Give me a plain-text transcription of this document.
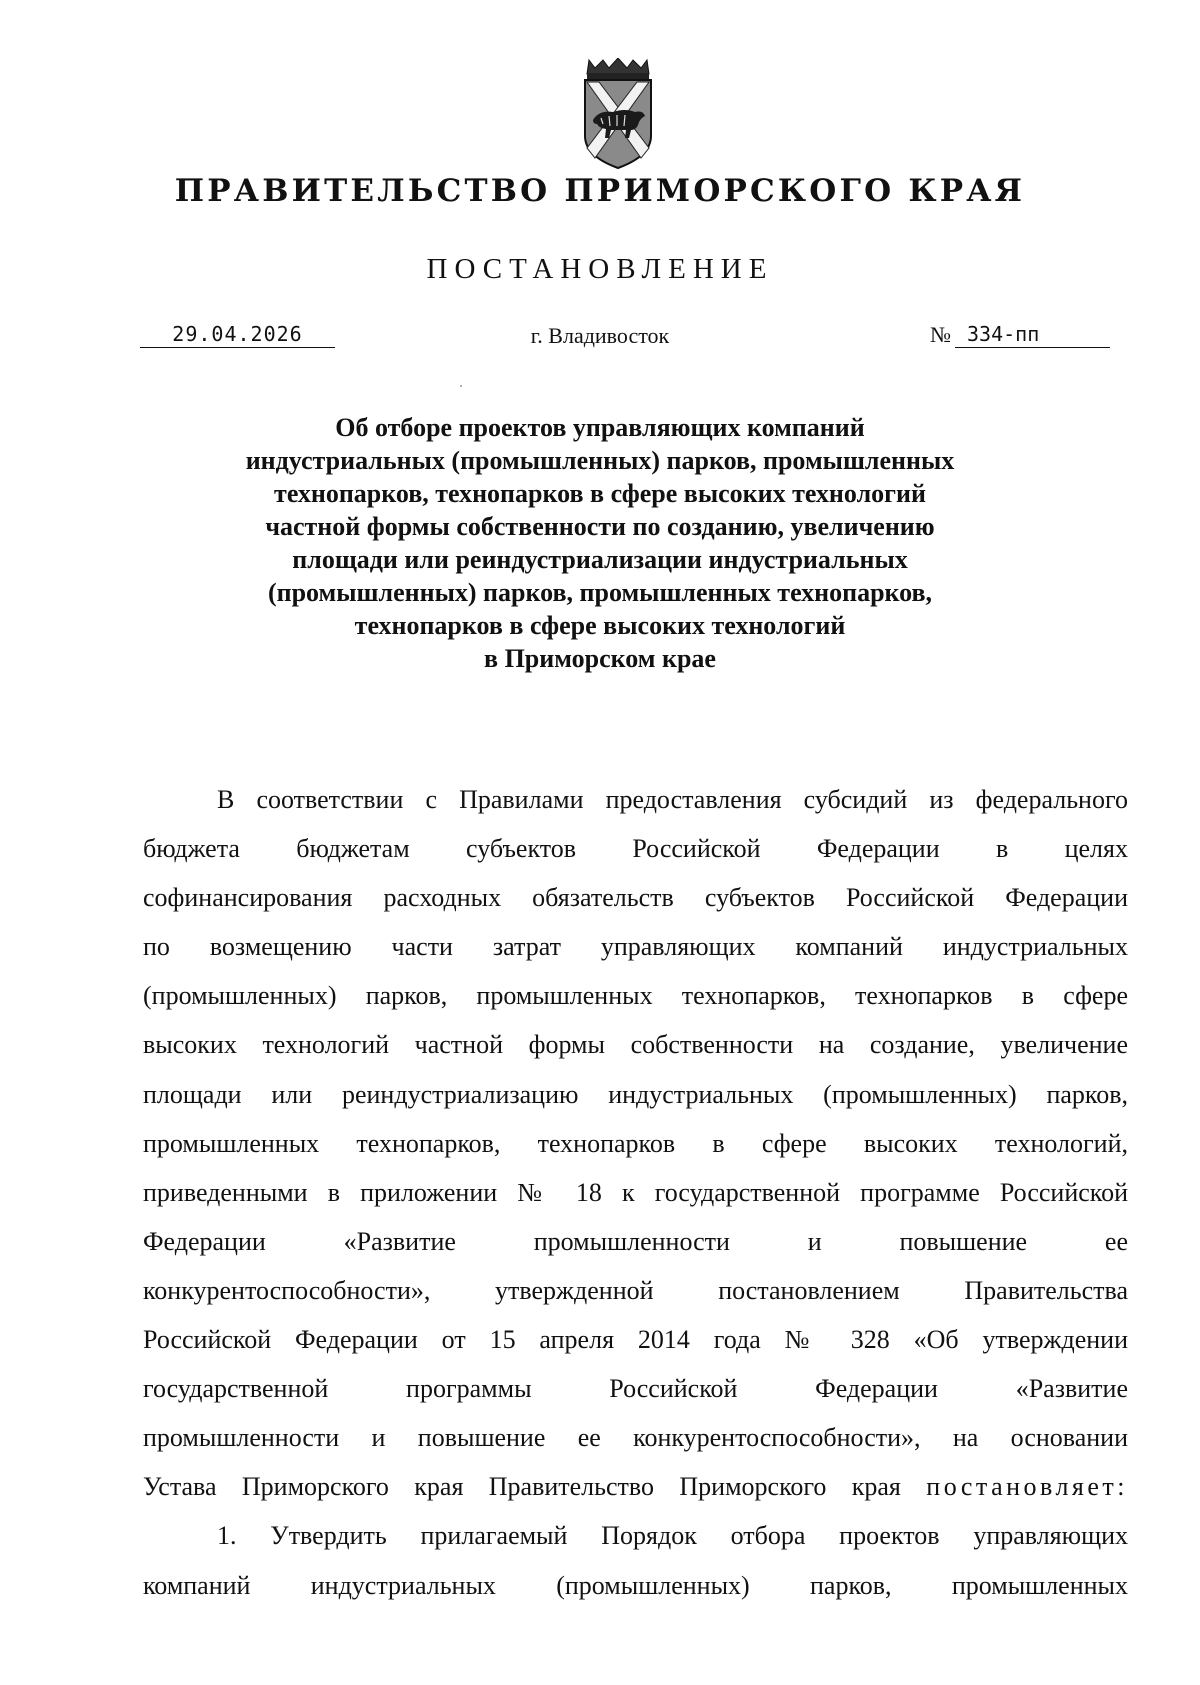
ПРАВИТЕЛЬСТВО ПРИМОРСКОГО КРАЯ
ПОСТАНОВЛЕНИЕ
29.04.2026	г. Владивосток	№ 334-пп
Об отборе проектов управляющих компаний
индустриальных (промышленных) парков, промышленных
технопарков, технопарков в сфере высоких технологий
частной формы собственности по созданию, увеличению
площади или реиндустриализации индустриальных
(промышленных) парков, промышленных технопарков,
технопарков в сфере высоких технологий
в Приморском крае
В соответствии с Правилами предоставления субсидий из федерального
бюджета бюджетам субъектов Российской Федерации в целях
софинансирования расходных обязательств субъектов Российской Федерации
по возмещению части затрат управляющих компаний индустриальных
(промышленных) парков, промышленных технопарков, технопарков в сфере
высоких технологий частной формы собственности на создание, увеличение
площади или реиндустриализацию индустриальных (промышленных) парков,
промышленных технопарков, технопарков в сфере высоких технологий,
приведенными в приложении № 18 к государственной программе Российской
Федерации «Развитие промышленности и повышение ее
конкурентоспособности», утвержденной постановлением Правительства
Российской Федерации от 15 апреля 2014 года № 328 «Об утверждении
государственной программы Российской Федерации «Развитие
промышленности и повышение ее конкурентоспособности», на основании
Устава Приморского края Правительство Приморского края постановляет:
1. Утвердить прилагаемый Порядок отбора проектов управляющих
компаний индустриальных (промышленных) парков, промышленных
